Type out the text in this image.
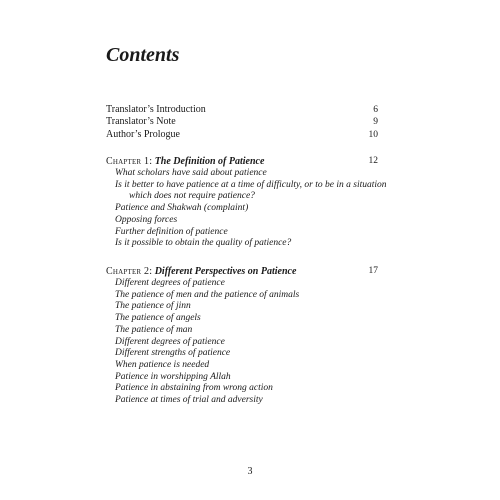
Contents
Translator’s Introduction	6
Translator’s Note	9
Author’s Prologue	10
Chapter 1: The Definition of Patience	12
What scholars have said about patience
Is it better to have patience at a time of difficulty, or to be in a situation
which does not require patience?
Patience and Shakwah (complaint)
Opposing forces
Further definition of patience
Is it possible to obtain the quality of patience?
Chapter 2: Different Perspectives on Patience	17
Different degrees of patience
The patience of men and the patience of animals
The patience of jinn
The patience of angels
The patience of man
Different degrees of patience
Different strengths of patience
When patience is needed
Patience in worshipping Allah
Patience in abstaining from wrong action
Patience at times of trial and adversity
3
